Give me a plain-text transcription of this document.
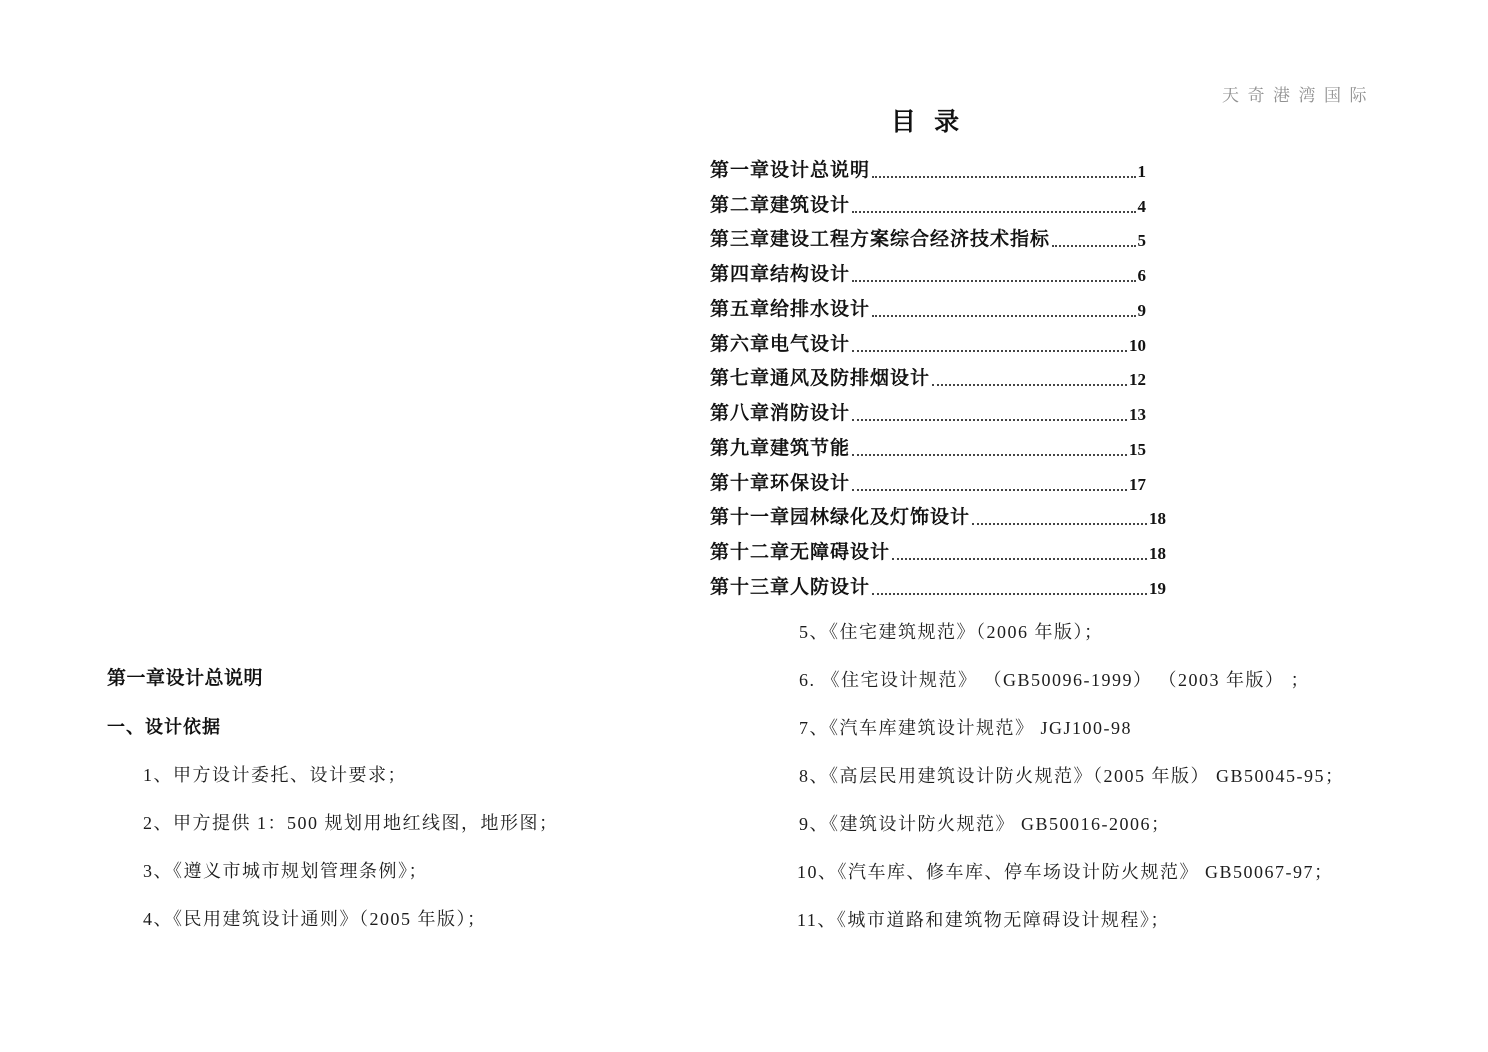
天奇港湾国际
目 录
第一章设计总说明	1
第二章建筑设计	4
第三章建设工程方案综合经济技术指标	5
第四章结构设计	6
第五章给排水设计	9
第六章电气设计	10
第七章通风及防排烟设计	12
第八章消防设计	13
第九章建筑节能	15
第十章环保设计	17
第十一章园林绿化及灯饰设计	18
第十二章无障碍设计	18
第十三章人防设计	19
第一章设计总说明
一、设计依据
1、甲方设计委托、设计要求；
2、甲方提供 1：500 规划用地红线图，地形图；
3、《遵义市城市规划管理条例》；
4、《民用建筑设计通则》（2005 年版）；
5、《住宅建筑规范》（2006 年版）；
6. 《住宅设计规范》 （GB50096-1999） （2003 年版） ；
7、《汽车库建筑设计规范》 JGJ100-98
8、《高层民用建筑设计防火规范》（2005 年版） GB50045-95；
9、《建筑设计防火规范》 GB50016-2006；
10、《汽车库、修车库、停车场设计防火规范》 GB50067-97；
11、《城市道路和建筑物无障碍设计规程》；
